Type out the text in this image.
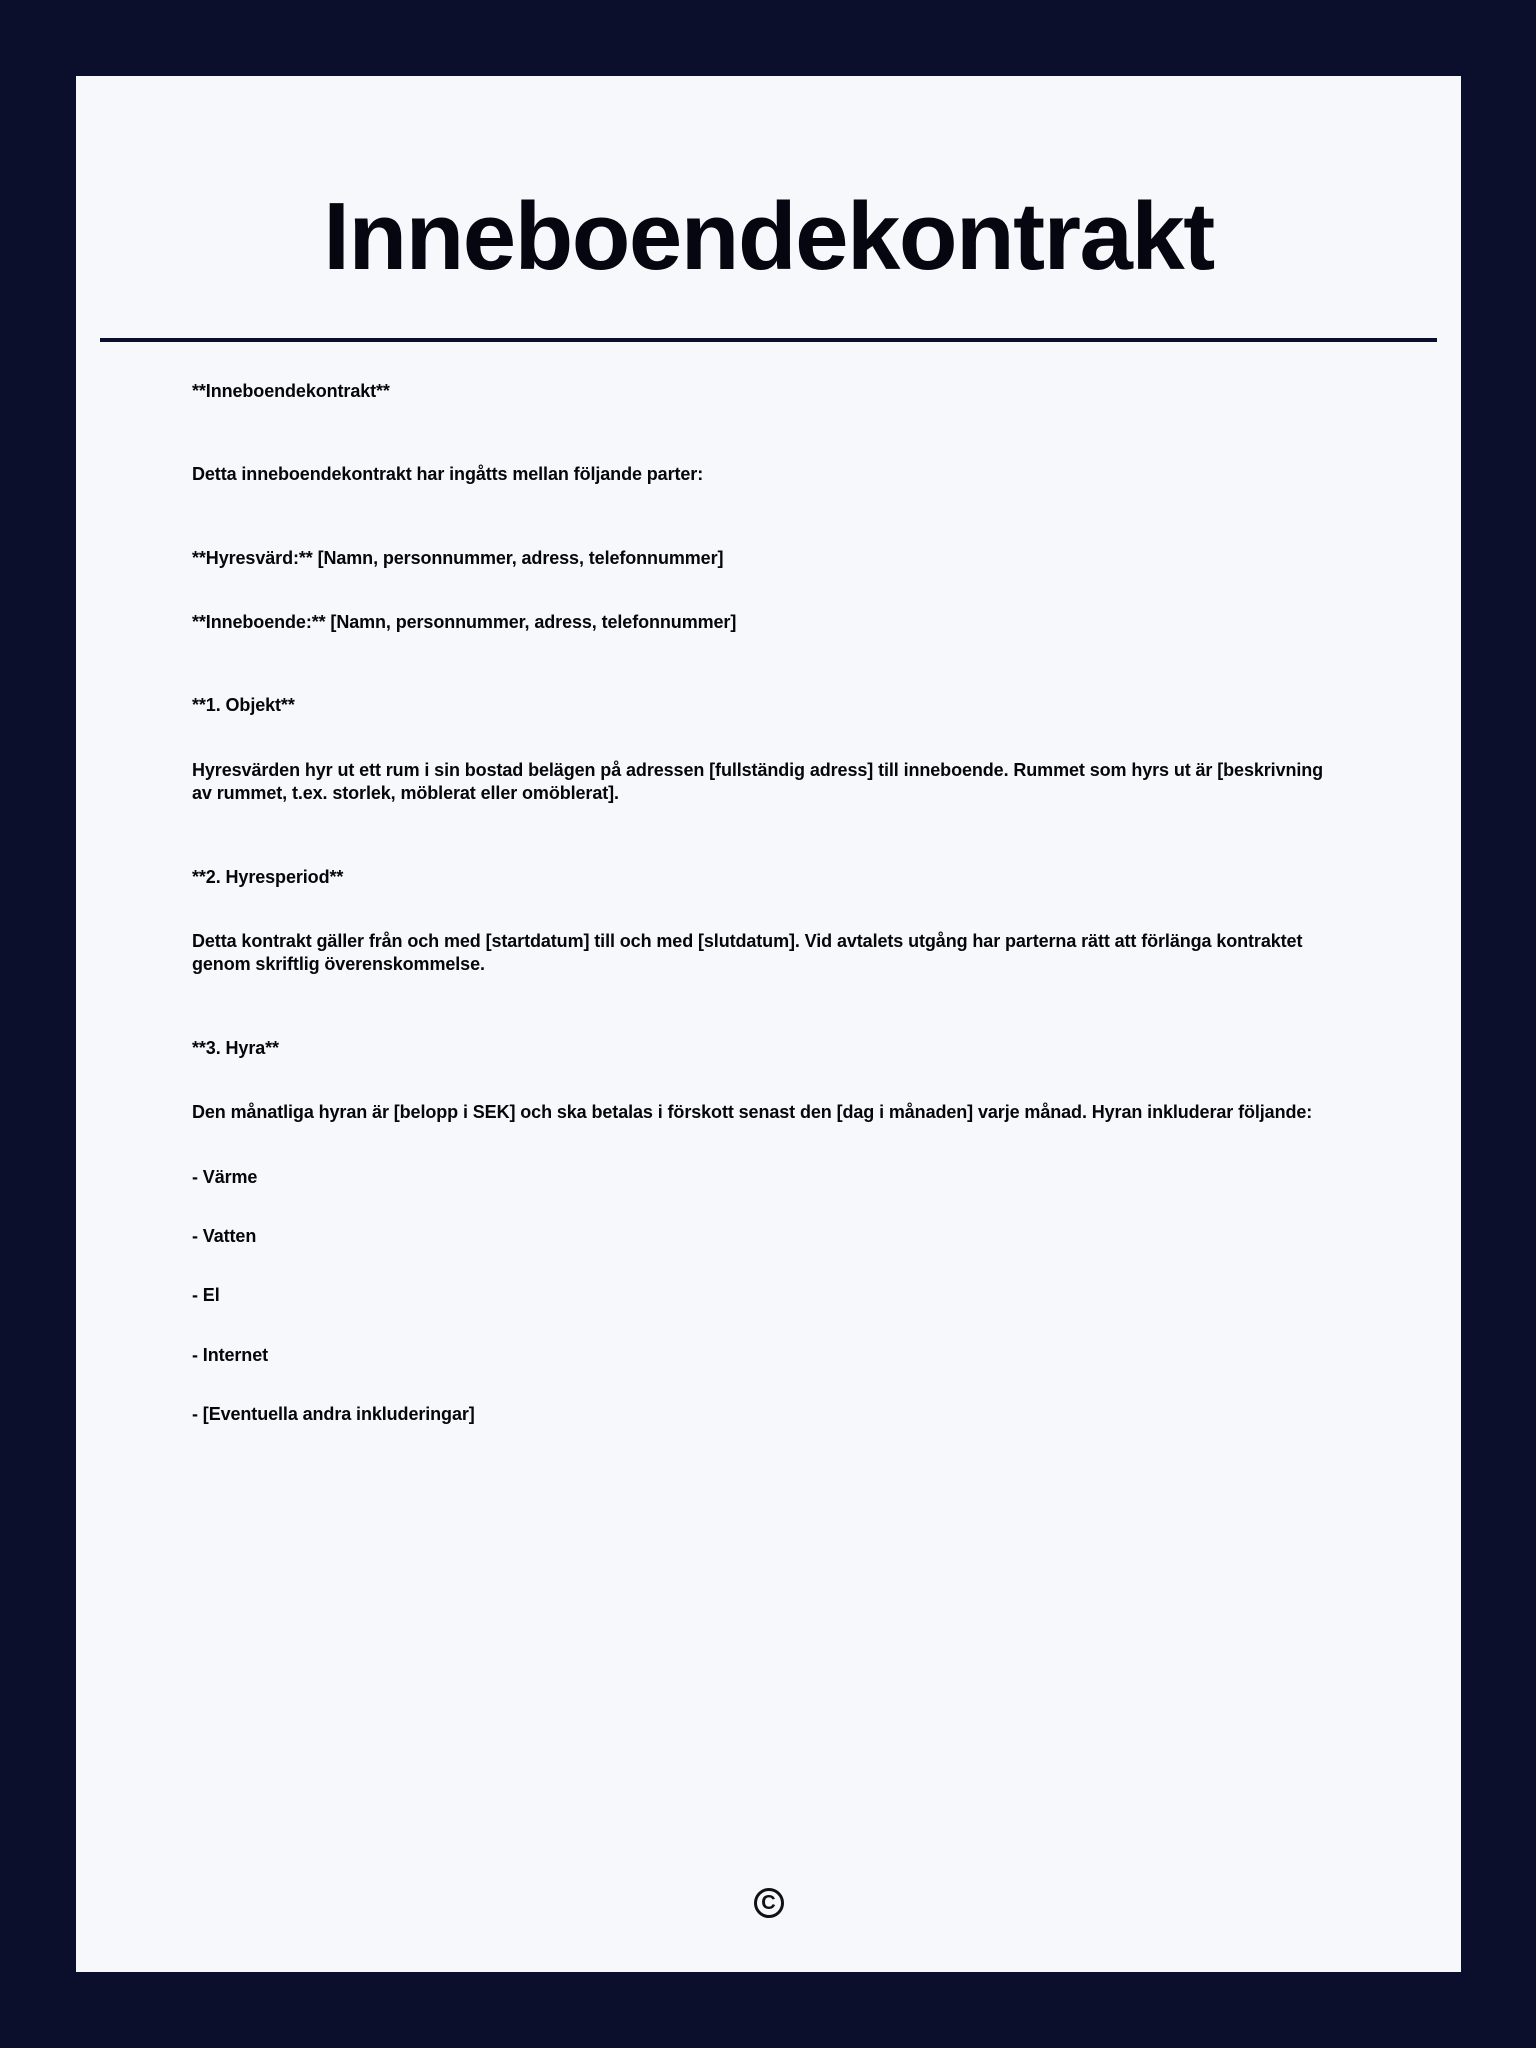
Inneboendekontrakt

**Inneboendekontrakt**

Detta inneboendekontrakt har ingåtts mellan följande parter:

**Hyresvärd:** [Namn, personnummer, adress, telefonnummer]

**Inneboende:** [Namn, personnummer, adress, telefonnummer]

**1. Objekt**

Hyresvärden hyr ut ett rum i sin bostad belägen på adressen [fullständig adress] till inneboende. Rummet som hyrs ut är [beskrivning av rummet, t.ex. storlek, möblerat eller omöblerat].

**2. Hyresperiod**

Detta kontrakt gäller från och med [startdatum] till och med [slutdatum]. Vid avtalets utgång har parterna rätt att förlänga kontraktet genom skriftlig överenskommelse.

**3. Hyra**

Den månatliga hyran är [belopp i SEK] och ska betalas i förskott senast den [dag i månaden] varje månad. Hyran inkluderar följande:

- Värme

- Vatten

- El

- Internet

- [Eventuella andra inkluderingar]

C
